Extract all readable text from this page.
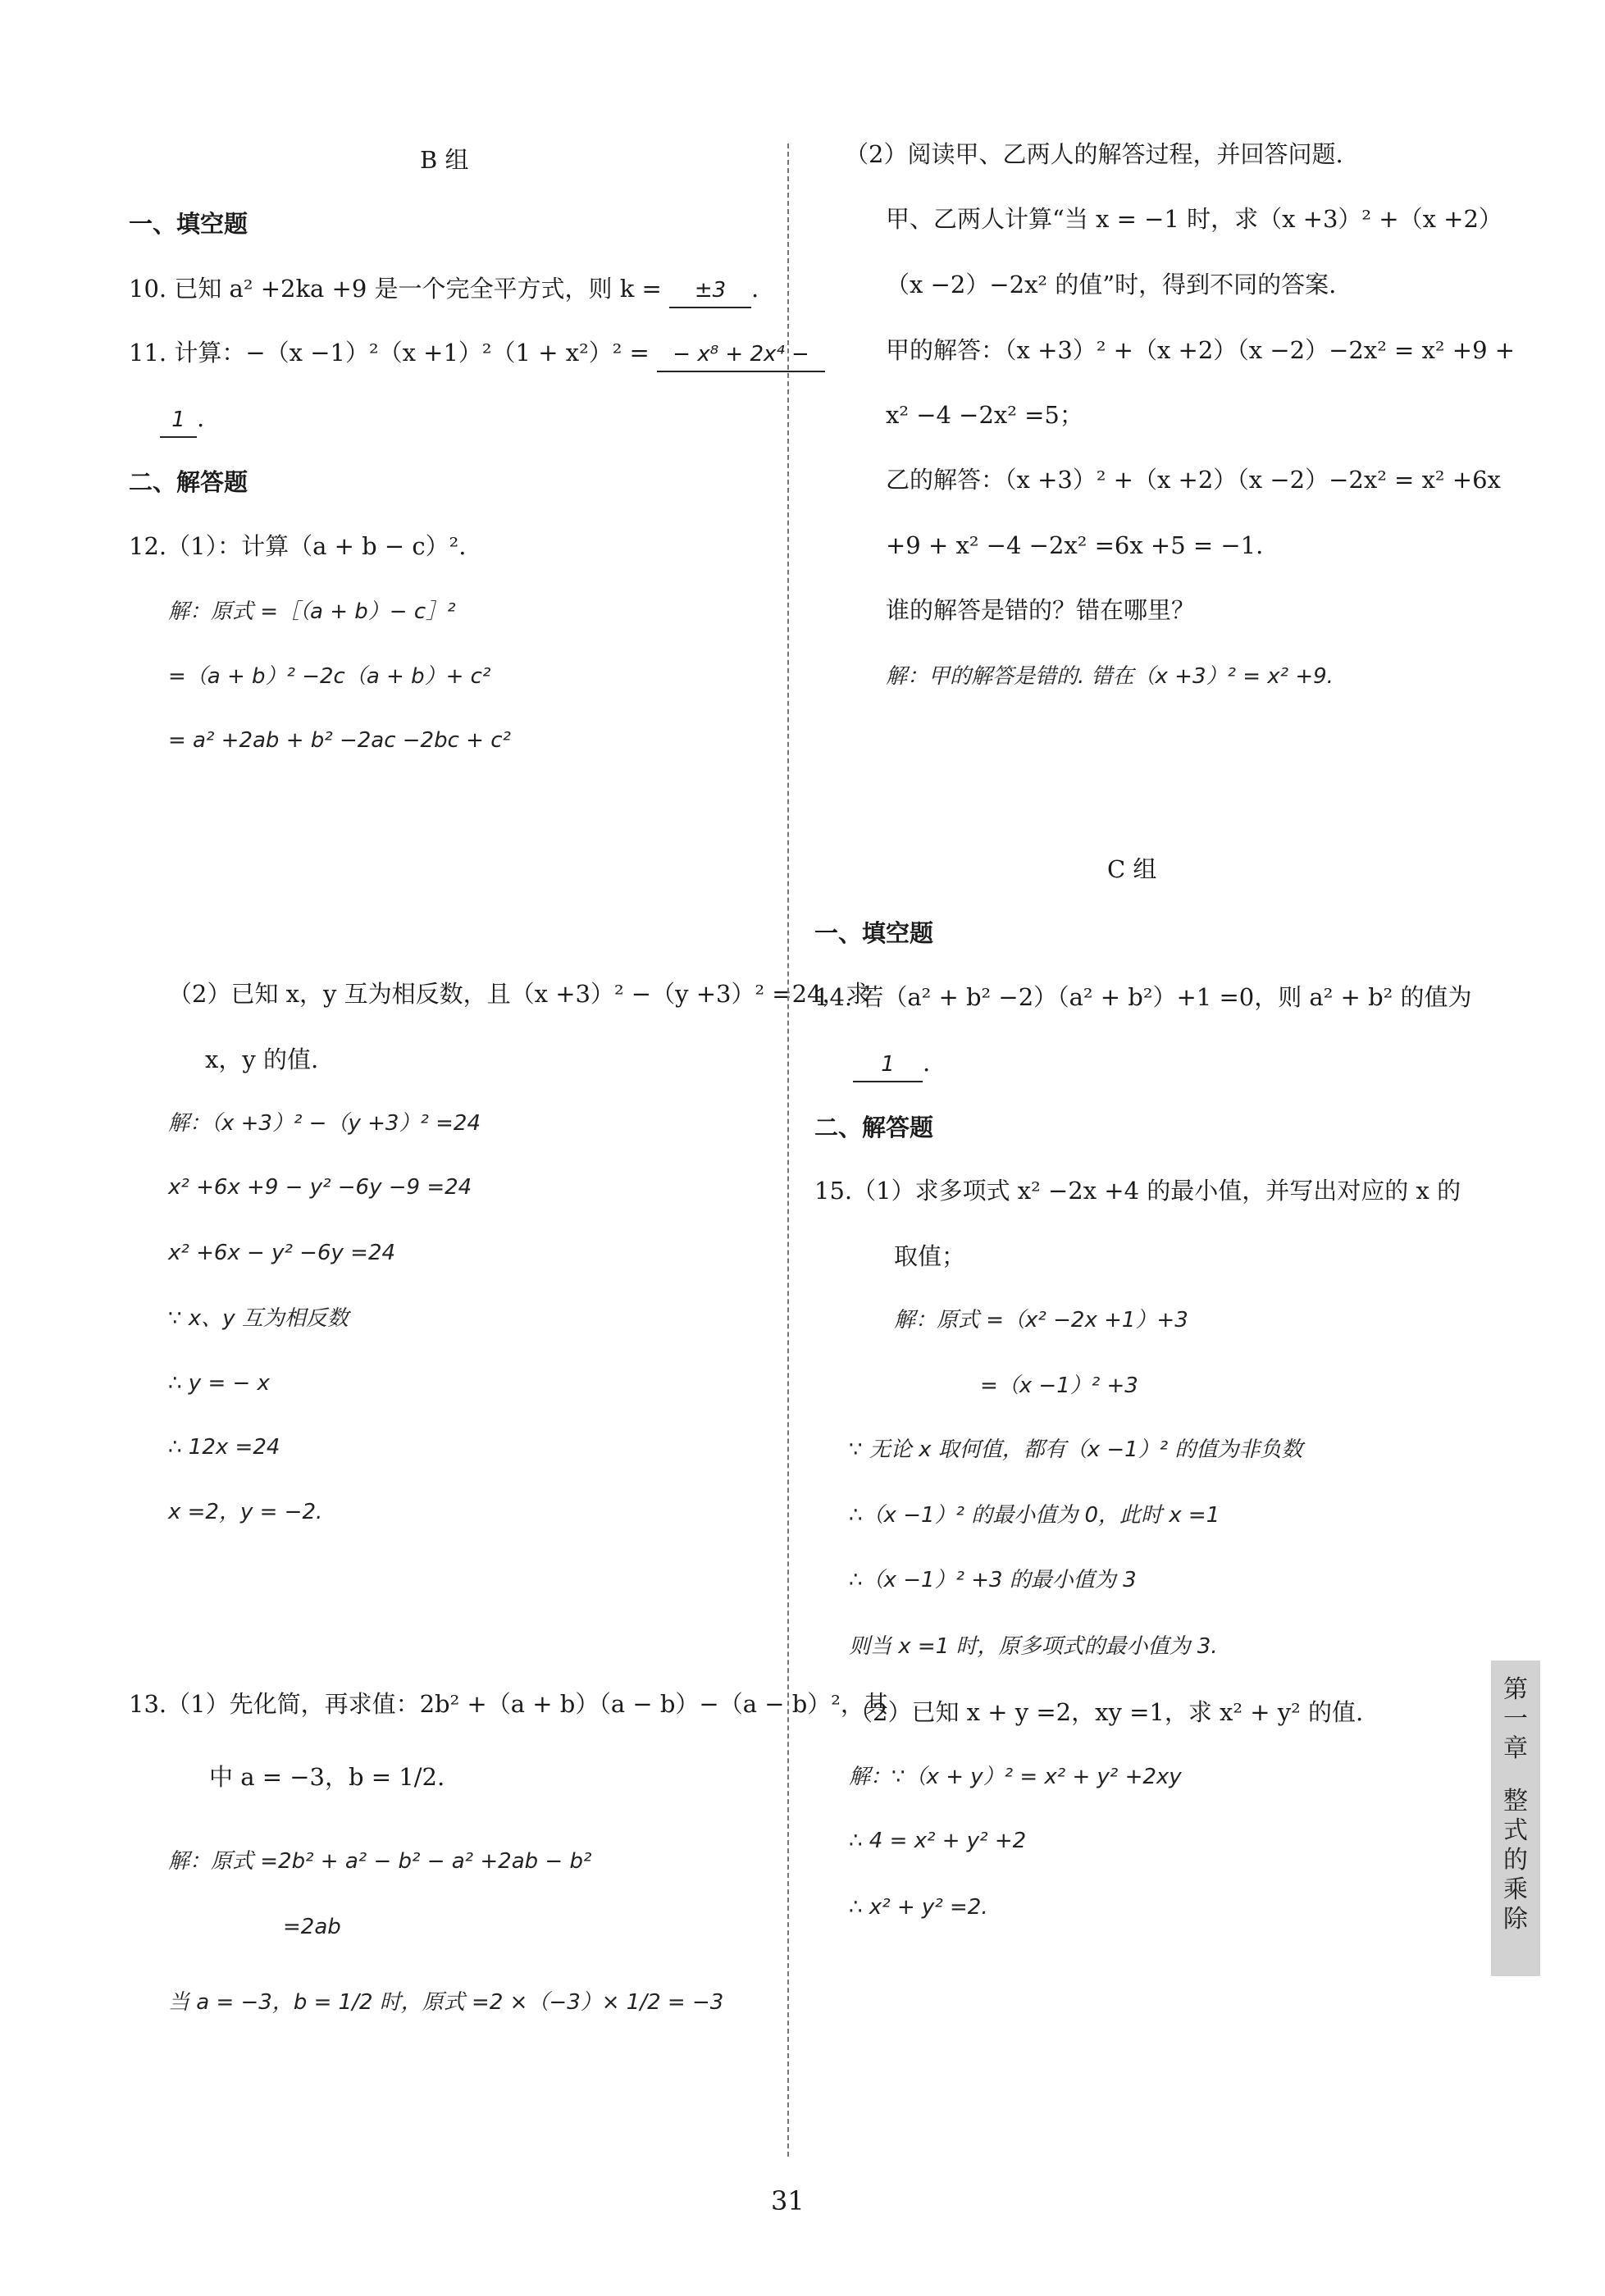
B 组
一、填空题
10. 已知 a² +2ka +9 是一个完全平方式，则 k = ±3 .
11. 计算：−（x −1）²（x +1）²（1 + x²）² = − x⁸ + 2x⁴ −
1 .
二、解答题
12.（1）：计算（a + b − c）².
解：原式 =［（a + b）− c］²
=（a + b）² −2c（a + b）+ c²
= a² +2ab + b² −2ac −2bc + c²
（2）已知 x，y 互为相反数，且（x +3）² −（y +3）² =24，求
x，y 的值.
解：（x +3）² −（y +3）² =24
x² +6x +9 − y² −6y −9 =24
x² +6x − y² −6y =24
∵ x、y 互为相反数
∴ y = − x
∴ 12x =24
x =2，y = −2.
13.（1）先化简，再求值：2b² +（a + b）（a − b）−（a − b）²，其
中 a = −3，b = 1/2.
解：原式 =2b² + a² − b² − a² +2ab − b²
=2ab
当 a = −3，b = 1/2 时，原式 =2 ×（−3）× 1/2 = −3
（2）阅读甲、乙两人的解答过程，并回答问题.
甲、乙两人计算“当 x = −1 时，求（x +3）² +（x +2）
（x −2）−2x² 的值”时，得到不同的答案.
甲的解答：（x +3）² +（x +2）（x −2）−2x² = x² +9 +
x² −4 −2x² =5；
乙的解答：（x +3）² +（x +2）（x −2）−2x² = x² +6x
+9 + x² −4 −2x² =6x +5 = −1.
谁的解答是错的？错在哪里？
解：甲的解答是错的. 错在（x +3）² = x² +9.
C 组
一、填空题
14. 若（a² + b² −2）（a² + b²）+1 =0，则 a² + b² 的值为
1 .
二、解答题
15.（1）求多项式 x² −2x +4 的最小值，并写出对应的 x 的
取值；
解：原式 =（x² −2x +1）+3
=（x −1）² +3
∵ 无论 x 取何值，都有（x −1）² 的值为非负数
∴（x −1）² 的最小值为 0，此时 x =1
∴（x −1）² +3 的最小值为 3
则当 x =1 时，原多项式的最小值为 3.
（2）已知 x + y =2，xy =1，求 x² + y² 的值.
解：∵（x + y）² = x² + y² +2xy
∴ 4 = x² + y² +2
∴ x² + y² =2.
第
一
章
整
式
的
乘
除
31
